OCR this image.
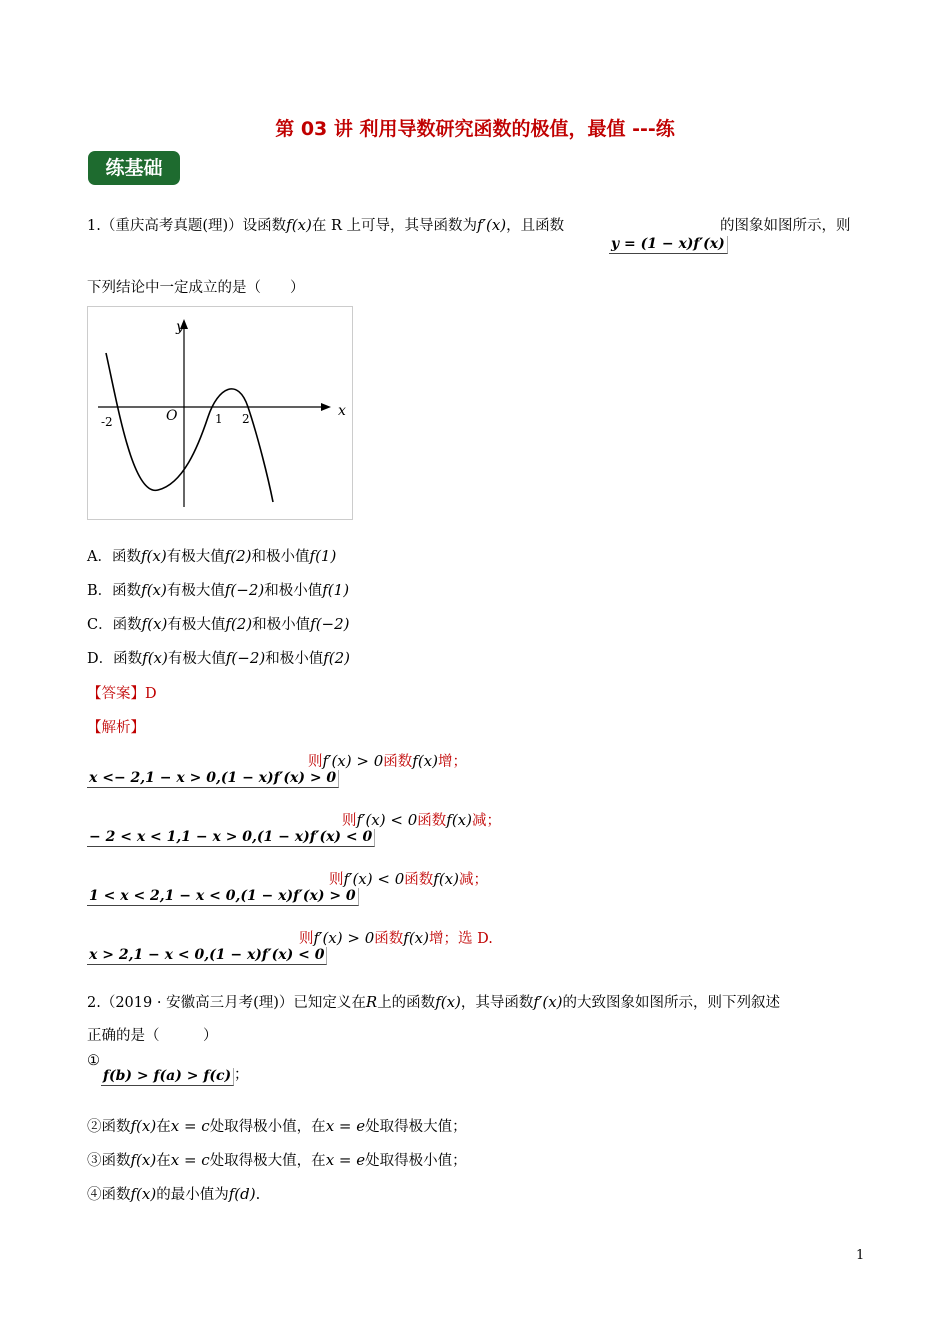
第 03 讲 利用导数研究函数的极值，最值 ---练
练基础
1.（重庆高考真题(理)）设函数f(x)在 R 上可导，其导函数为f′(x)，且函数
y = (1 − x)f′(x)
的图象如图所示，则
下列结论中一定成立的是（　　）
y
x
O
-2	1 2
A．函数f(x)有极大值f(2)和极小值f(1)
B．函数f(x)有极大值f(−2)和极小值f(1)
C．函数f(x)有极大值f(2)和极小值f(−2)
D．函数f(x)有极大值f(−2)和极小值f(2)
【答案】D
【解析】
x <− 2,1 − x > 0,(1 − x)f′(x) > 0
则f′(x) > 0函数f(x)增；
− 2 < x < 1,1 − x > 0,(1 − x)f′(x) < 0
则f′(x) < 0函数f(x)减；
1 < x < 2,1 − x < 0,(1 − x)f′(x) > 0
则f′(x) < 0函数f(x)减；
x > 2,1 − x < 0,(1 − x)f′(x) < 0
则f′(x) > 0函数f(x)增；选 D.
2.（2019 · 安徽高三月考(理)）已知定义在R上的函数f(x)，其导函数f′(x)的大致图象如图所示，则下列叙述
正确的是（　　　）
①
f(b) > f(a) > f(c) ；
②函数f(x)在x = c处取得极小值，在x = e处取得极大值；
③函数f(x)在x = c处取得极大值，在x = e处取得极小值；
④函数f(x)的最小值为f(d).
1
